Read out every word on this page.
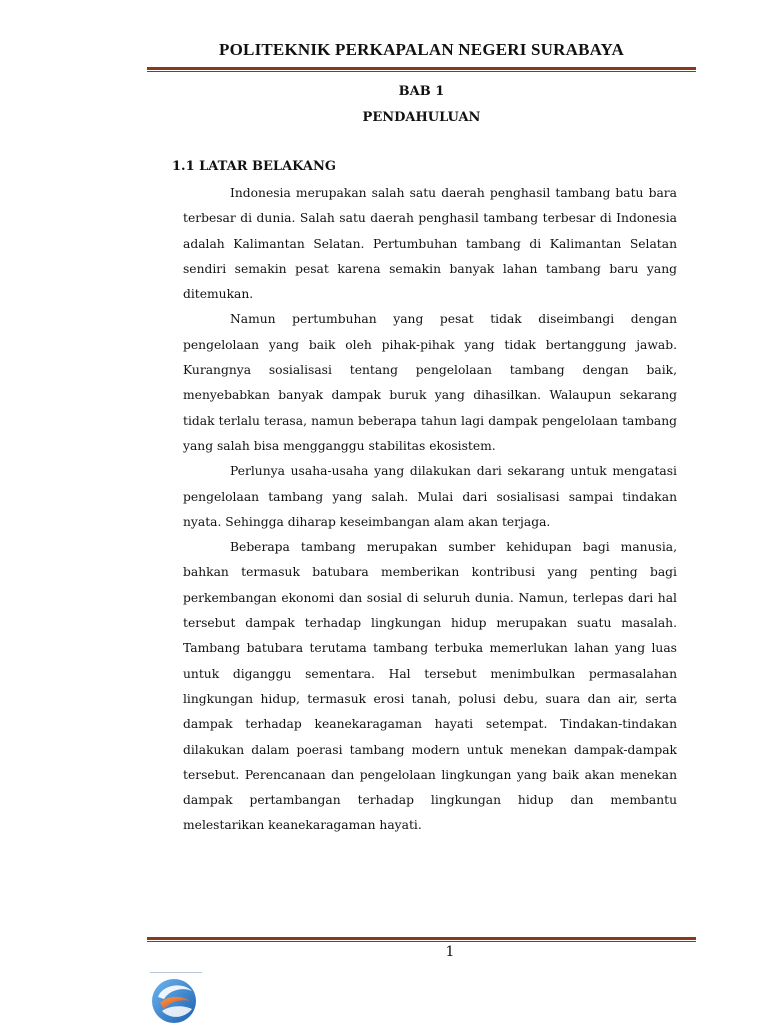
POLITEKNIK PERKAPALAN NEGERI SURABAYA
BAB 1
PENDAHULUAN
1.1 LATAR BELAKANG

Indonesia merupakan salah satu daerah penghasil tambang batu bara terbesar di dunia. Salah satu daerah penghasil tambang terbesar di Indonesia adalah Kalimantan Selatan. Pertumbuhan tambang di Kalimantan Selatan sendiri semakin pesat karena semakin banyak lahan tambang baru yang ditemukan.

Namun pertumbuhan yang pesat tidak diseimbangi dengan pengelolaan yang baik oleh pihak-pihak yang tidak bertanggung jawab. Kurangnya sosialisasi tentang pengelolaan tambang dengan baik, menyebabkan banyak dampak buruk yang dihasilkan. Walaupun sekarang tidak terlalu terasa, namun beberapa tahun lagi dampak pengelolaan tambang yang salah bisa mengganggu stabilitas ekosistem.

Perlunya usaha-usaha yang dilakukan dari sekarang untuk mengatasi pengelolaan tambang yang salah. Mulai dari sosialisasi sampai tindakan nyata. Sehingga diharap keseimbangan alam akan terjaga.

Beberapa tambang merupakan sumber kehidupan bagi manusia, bahkan termasuk batubara memberikan kontribusi yang penting bagi perkembangan ekonomi dan sosial di seluruh dunia. Namun, terlepas dari hal tersebut dampak terhadap lingkungan hidup merupakan suatu masalah. Tambang batubara terutama tambang terbuka memerlukan lahan yang luas untuk diganggu sementara. Hal tersebut menimbulkan permasalahan lingkungan hidup, termasuk erosi tanah, polusi debu, suara dan air, serta dampak terhadap keanekaragaman hayati setempat. Tindakan-tindakan dilakukan dalam poerasi tambang modern untuk menekan dampak-dampak tersebut. Perencanaan dan pengelolaan lingkungan yang baik akan menekan dampak pertambangan terhadap lingkungan hidup dan membantu melestarikan keanekaragaman hayati.

1
